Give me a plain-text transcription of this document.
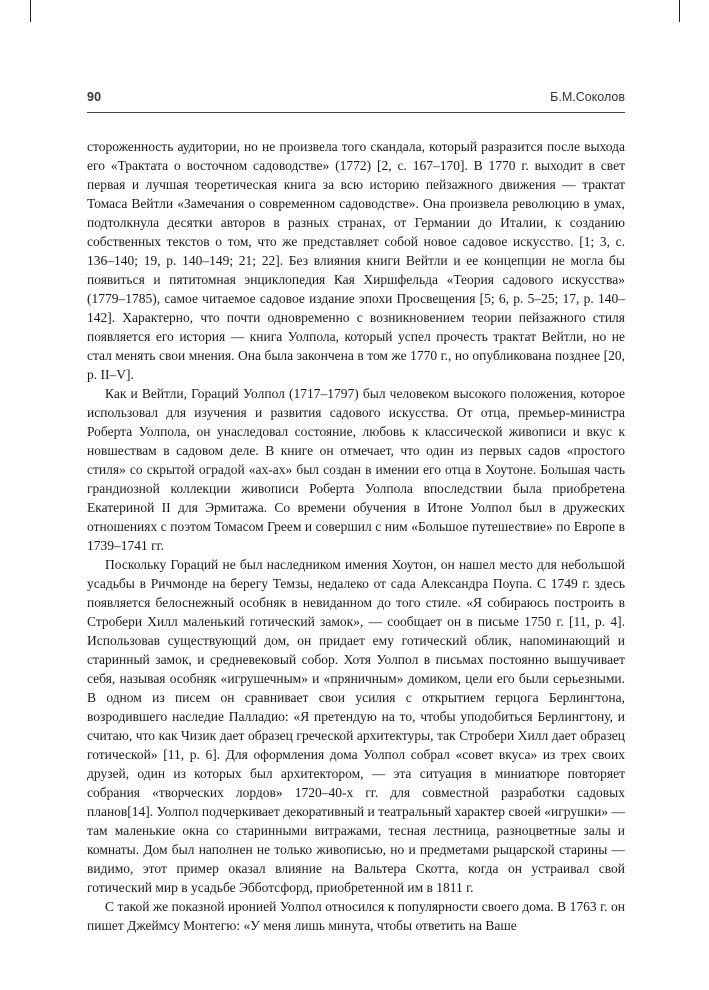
90	Б.М.Соколов

стороженность аудитории, но не произвела того скандала, который разразится после выхода его «Трактата о восточном садоводстве» (1772) [2, с. 167–170]. В 1770 г. выходит в свет первая и лучшая теоретическая книга за всю историю пейзажного движения — трактат Томаса Вейтли «Замечания о современном садоводстве». Она произвела революцию в умах, подтолкнула десятки авторов в разных странах, от Германии до Италии, к созданию собственных текстов о том, что же представляет собой новое садовое искусство. [1; 3, с. 136–140; 19, p. 140–149; 21; 22]. Без влияния книги Вейтли и ее концепции не могла бы появиться и пятитомная энциклопедия Кая Хиршфельда «Теория садового искусства» (1779–1785), самое читаемое садовое издание эпохи Просвещения [5; 6, p. 5–25; 17, p. 140–142]. Характерно, что почти одновременно с возникновением теории пейзажного стиля появляется его история — книга Уолпола, который успел прочесть трактат Вейтли, но не стал менять свои мнения. Она была закончена в том же 1770 г., но опубликована позднее [20, p. II–V].

Как и Вейтли, Гораций Уолпол (1717–1797) был человеком высокого положения, которое использовал для изучения и развития садового искусства. От отца, премьер-министра Роберта Уолпола, он унаследовал состояние, любовь к классической живописи и вкус к новшествам в садовом деле. В книге он отмечает, что один из первых садов «простого стиля» со скрытой оградой «ах-ах» был создан в имении его отца в Хоутоне. Большая часть грандиозной коллекции живописи Роберта Уолпола впоследствии была приобретена Екатериной II для Эрмитажа. Со времени обучения в Итоне Уолпол был в дружеских отношениях с поэтом Томасом Греем и совершил с ним «Большое путешествие» по Европе в 1739–1741 гг.

Поскольку Гораций не был наследником имения Хоутон, он нашел место для небольшой усадьбы в Ричмонде на берегу Темзы, недалеко от сада Александра Поупа. С 1749 г. здесь появляется белоснежный особняк в невиданном до того стиле. «Я собираюсь построить в Стробери Хилл маленький готический замок», — сообщает он в письме 1750 г. [11, p. 4]. Использовав существующий дом, он придает ему готический облик, напоминающий и старинный замок, и средневековый собор. Хотя Уолпол в письмах постоянно вышучивает себя, называя особняк «игрушечным» и «пряничным» домиком, цели его были серьезными. В одном из писем он сравнивает свои усилия с открытием герцога Берлингтона, возродившего наследие Палладио: «Я претендую на то, чтобы уподобиться Берлингтону, и считаю, что как Чизик дает образец греческой архитектуры, так Стробери Хилл дает образец готической» [11, p. 6]. Для оформления дома Уолпол собрал «совет вкуса» из трех своих друзей, один из которых был архитектором, — эта ситуация в миниатюре повторяет собрания «творческих лордов» 1720–40-х гг. для совместной разработки садовых планов[14]. Уолпол подчеркивает декоративный и театральный характер своей «игрушки» — там маленькие окна со старинными витражами, тесная лестница, разноцветные залы и комнаты. Дом был наполнен не только живописью, но и предметами рыцарской старины — видимо, этот пример оказал влияние на Вальтера Скотта, когда он устраивал свой готический мир в усадьбе Эбботсфорд, приобретенной им в 1811 г.

С такой же показной иронией Уолпол относился к популярности своего дома. В 1763 г. он пишет Джеймсу Монтегю: «У меня лишь минута, чтобы ответить на Ваше
